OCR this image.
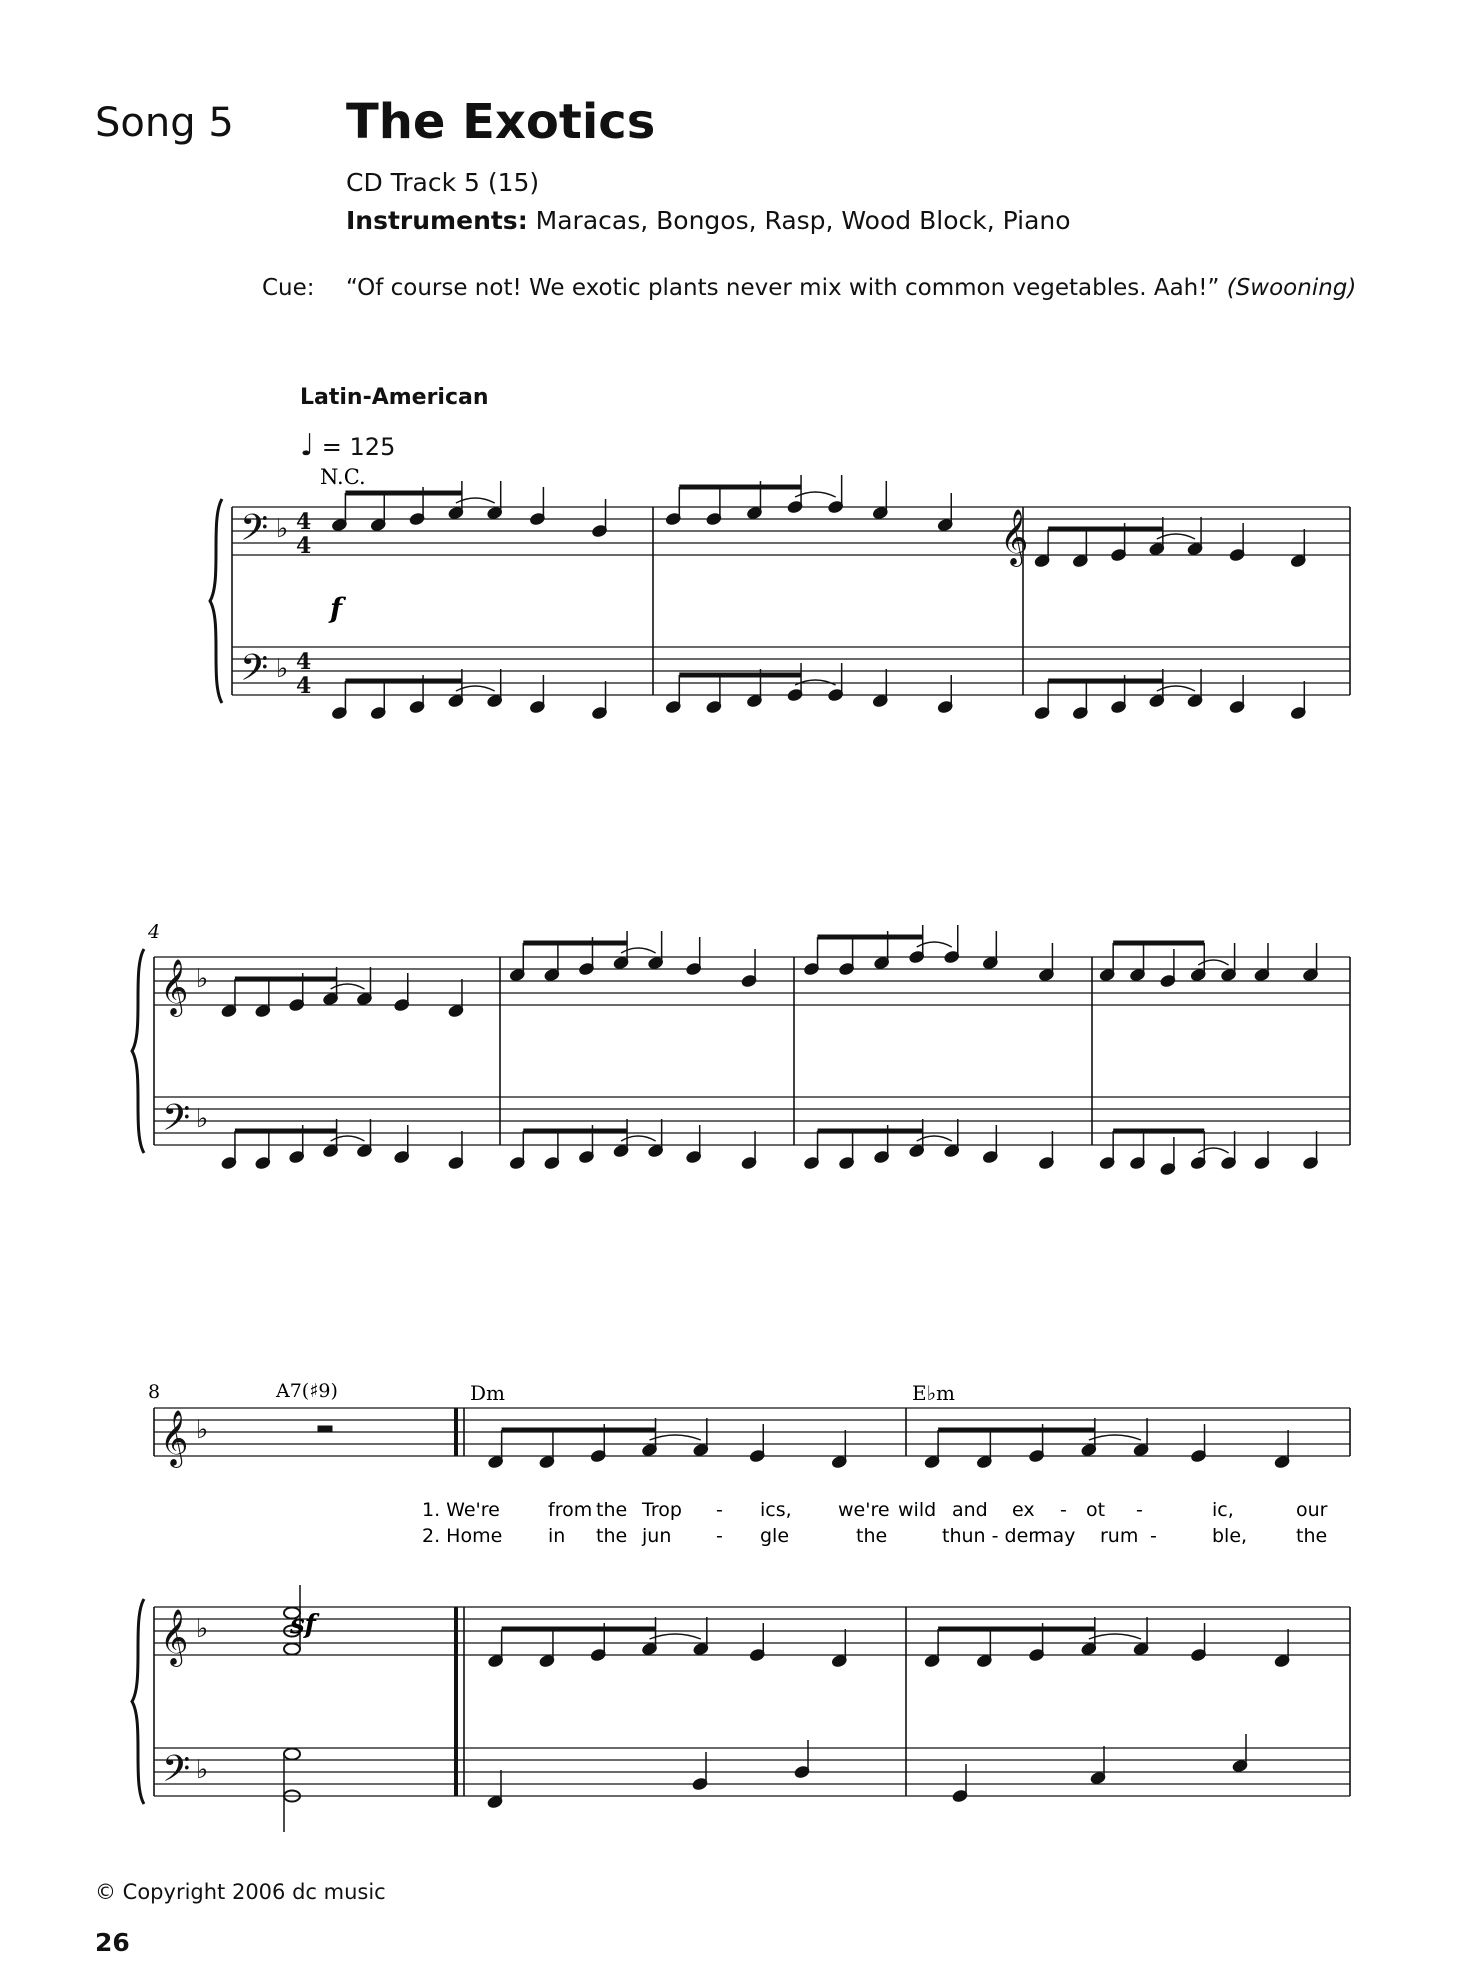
Song 5 The Exotics
CD Track 5 (15)
Instruments: Maracas, Bongos, Rasp, Wood Block, Piano
Cue: “Of course not! We exotic plants never mix with common vegetables. Aah!” (Swooning)
Latin-American
♩ = 125
𝄢
𝄢
♭
♭
4
4
4
4
𝄞
𝄞
𝄢
♭
♭
𝄞
𝄞
𝄢
♭
♭
♭
N.C.
f
4
8	A7(♯9)	Dm	E♭m
sf
1. We're	from the Trop - ics, we're wild and ex - ot -	ic,	our
2. Home in the jun - gle	the	thun - der
may rum -	ble,	the
© Copyright 2006 dc music
26
